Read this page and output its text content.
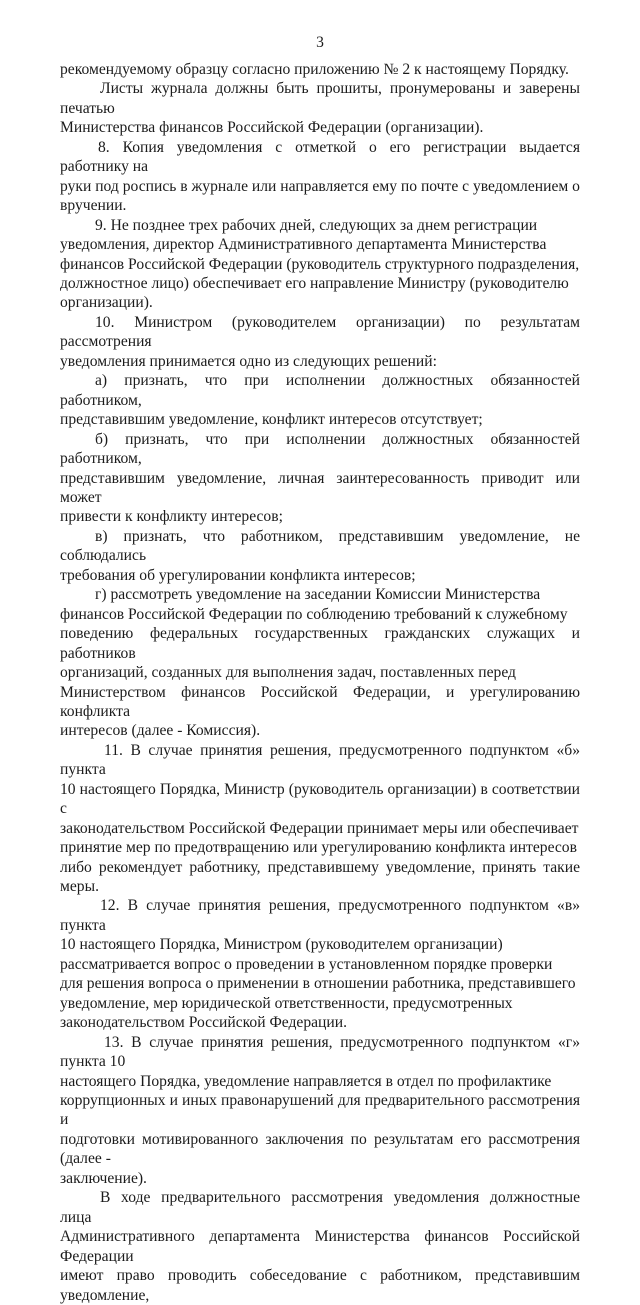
3

рекомендуемому образцу согласно приложению № 2 к настоящему Порядку.

Листы журнала должны быть прошиты, пронумерованы и заверены печатью
Министерства финансов Российской Федерации (организации).

8. Копия уведомления с отметкой о его регистрации выдается работнику на
руки под роспись в журнале или направляется ему по почте с уведомлением о
вручении.

9. Не позднее трех рабочих дней, следующих за днем регистрации
уведомления, директор Административного департамента Министерства
финансов Российской Федерации (руководитель структурного подразделения,
должностное лицо) обеспечивает его направление Министру (руководителю
организации).

10. Министром (руководителем организации) по результатам рассмотрения
уведомления принимается одно из следующих решений:

а) признать, что при исполнении должностных обязанностей работником,
представившим уведомление, конфликт интересов отсутствует;

б) признать, что при исполнении должностных обязанностей работником,
представившим уведомление, личная заинтересованность приводит или может
привести к конфликту интересов;

в) признать, что работником, представившим уведомление, не соблюдались
требования об урегулировании конфликта интересов;

г) рассмотреть уведомление на заседании Комиссии Министерства
финансов Российской Федерации по соблюдению требований к служебному
поведению федеральных государственных гражданских служащих и работников
организаций, созданных для выполнения задач, поставленных перед
Министерством финансов Российской Федерации, и урегулированию конфликта
интересов (далее - Комиссия).

11. В случае принятия решения, предусмотренного подпунктом «б» пункта
10 настоящего Порядка, Министр (руководитель организации) в соответствии с
законодательством Российской Федерации принимает меры или обеспечивает
принятие мер по предотвращению или урегулированию конфликта интересов
либо рекомендует работнику, представившему уведомление, принять такие меры.

12. В случае принятия решения, предусмотренного подпунктом «в» пункта
10 настоящего Порядка, Министром (руководителем организации)
рассматривается вопрос о проведении в установленном порядке проверки
для решения вопроса о применении в отношении работника, представившего
уведомление, мер юридической ответственности, предусмотренных
законодательством Российской Федерации.

13. В случае принятия решения, предусмотренного подпунктом «г» пункта 10
настоящего Порядка, уведомление направляется в отдел по профилактике
коррупционных и иных правонарушений для предварительного рассмотрения и
подготовки мотивированного заключения по результатам его рассмотрения (далее -
заключение).

В ходе предварительного рассмотрения уведомления должностные лица
Административного департамента Министерства финансов Российской Федерации
имеют право проводить собеседование с работником, представившим уведомление,
